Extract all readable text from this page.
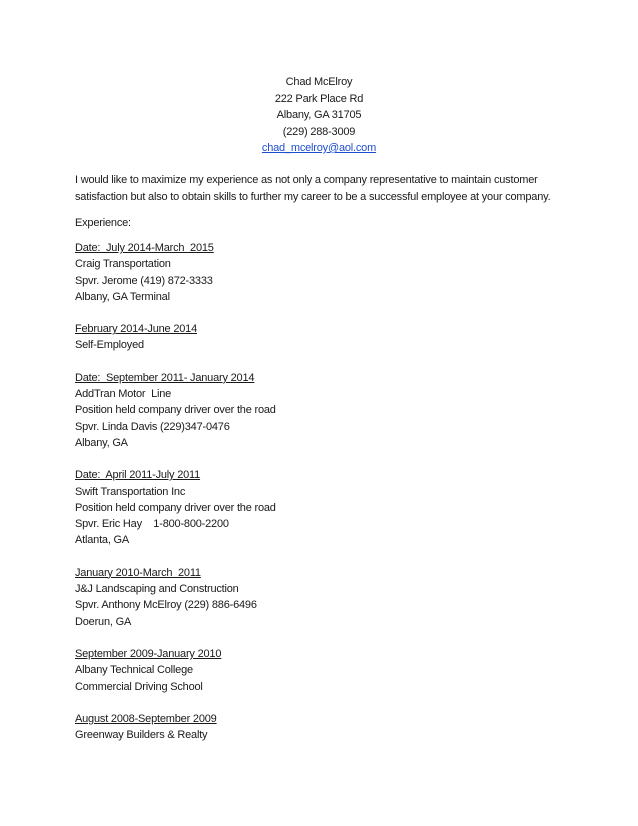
Chad McElroy
222 Park Place Rd
Albany, GA 31705
(229) 288-3009
chad_mcelroy@aol.com
I would like to maximize my experience as not only a company representative to maintain customer satisfaction but also to obtain skills to further my career to be a successful employee at your company.
Experience:
Date:  July 2014-March  2015
Craig Transportation
Spvr. Jerome (419) 872-3333
Albany, GA Terminal
February 2014-June 2014
Self-Employed
Date:  September 2011- January 2014
AddTran Motor  Line
Position held company driver over the road
Spvr. Linda Davis (229)347-0476
Albany, GA
Date:  April 2011-July 2011
Swift Transportation Inc
Position held company driver over the road
Spvr. Eric Hay    1-800-800-2200
Atlanta, GA
January 2010-March  2011
J&J Landscaping and Construction
Spvr. Anthony McElroy (229) 886-6496
Doerun, GA
September 2009-January 2010
Albany Technical College
Commercial Driving School
August 2008-September 2009
Greenway Builders & Realty
